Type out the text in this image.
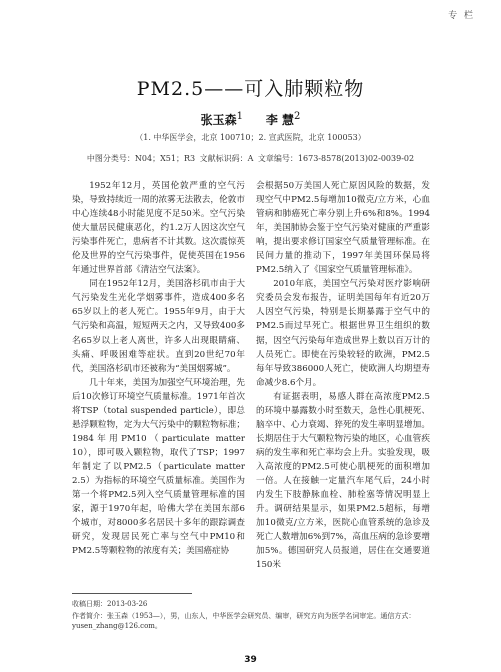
专 栏
PM2.5——可入肺颗粒物
张玉森$^1$ 李 慧$^2$
（1. 中华医学会，北京 100710；2. 宣武医院，北京 100053）
中图分类号：N04；X51；R3 文献标识码：A 文章编号：1673-8578(2013)02-0039-02

1952年12月，英国伦敦严重的空气污染，导致持续近一周的浓雾无法散去，伦敦市中心连续48小时能见度不足50米。空气污染使大量居民健康恶化，约1.2万人因这次空气污染事件死亡，患病者不计其数。这次震惊英伦及世界的空气污染事件，促使英国在1956年通过世界首部《清洁空气法案》。

同在1952年12月，美国洛杉矶市由于大气污染发生光化学烟雾事件，造成400多名65岁以上的老人死亡。1955年9月，由于大气污染和高温，短短两天之内，又导致400多名65岁以上老人离世，许多人出现眼睛痛、头痛、呼吸困难等症状。直到20世纪70年代，美国洛杉矶市还被称为“美国烟雾城”。

几十年来，美国为加强空气环境治理，先后10次修订环境空气质量标准。1971年首次将TSP（total suspended particle），即总悬浮颗粒物，定为大气污染中的颗粒物标准；1984年用PM10（particulate matter 10），即可吸入颗粒物，取代了TSP；1997年制定了以PM2.5（particulate matter 2.5）为指标的环境空气质量标准。美国作为第一个将PM2.5列入空气质量管理标准的国家，源于1970年起，哈佛大学在美国东部6个城市，对8000多名居民十多年的跟踪调查研究，发现居民死亡率与空气中PM10和PM2.5等颗粒物的浓度有关；美国癌症协

会根据50万美国人死亡原因风险的数据，发现空气中PM2.5每增加10微克/立方米，心血管病和肺癌死亡率分别上升6%和8%。1994年，美国肺协会鉴于空气污染对健康的严重影响，提出要求修订国家空气质量管理标准。在民间力量的推动下，1997年美国环保局将PM2.5纳入了《国家空气质量管理标准》。

2010年底，美国空气污染对医疗影响研究委员会发布报告，证明美国每年有近20万人因空气污染，特别是长期暴露于空气中的PM2.5而过早死亡。根据世界卫生组织的数据，因空气污染每年造成世界上数以百万计的人员死亡。即使在污染较轻的欧洲，PM2.5每年导致386000人死亡，使欧洲人均期望寿命减少8.6个月。

有证据表明，易感人群在高浓度PM2.5的环境中暴露数小时至数天，急性心肌梗死、脑卒中、心力衰竭、猝死的发生率明显增加。长期居住于大气颗粒物污染的地区，心血管疾病的发生率和死亡率均会上升。实验发现，吸入高浓度的PM2.5可使心肌梗死的面积增加一倍。人在接触一定量汽车尾气后，24小时内发生下肢静脉血栓、肺栓塞等情况明显上升。调研结果显示，如果PM2.5超标，每增加10微克/立方米，医院心血管系统的急诊及死亡人数增加6%到7%，高血压病的急诊要增加5%。德国研究人员报道，居住在交通要道150米

收稿日期：2013-03-26
作者简介：张玉森（1953—），男，山东人，中华医学会研究员、编审，研究方向为医学名词审定。通信方式：yusen_zhang@126.com。
39
